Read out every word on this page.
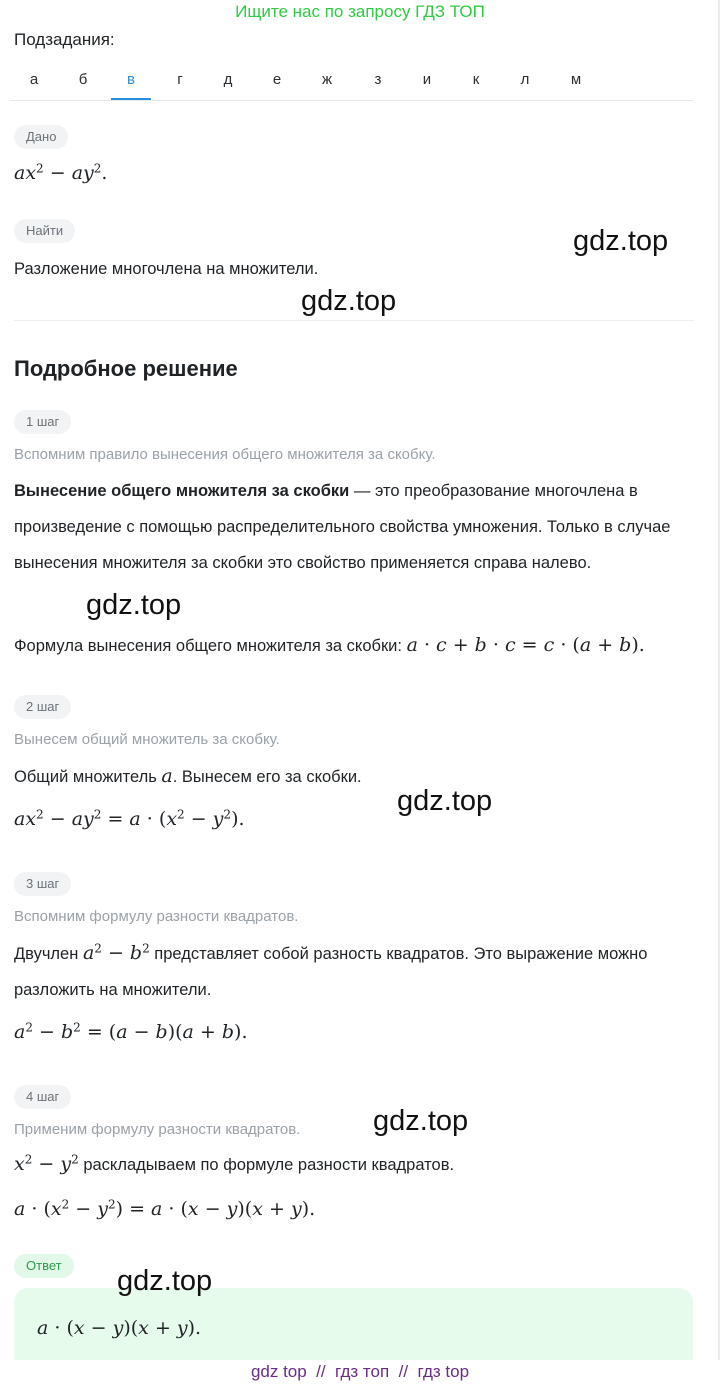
Ищите нас по запросу ГДЗ ТОП
Подзадания:
а	б	в	г	д	е	ж	з	и	к	л	м
Дано
$ax^2 - ay^2$.
Найти
Разложение многочлена на множители.
Подробное решение
1 шаг
Вспомним правило вынесения общего множителя за скобку.
Вынесение общего множителя за скобки — это преобразование многочлена в произведение с помощью распределительного свойства умножения. Только в случае вынесения множителя за скобки это свойство применяется справа налево.
Формула вынесения общего множителя за скобки: a · c + b · c = c · (a + b).
2 шаг
Вынесем общий множитель за скобку.
Общий множитель a. Вынесем его за скобки.
$ax^2 - ay^2 = a \cdot (x^2 - y^2)$.
3 шаг
Вспомним формулу разности квадратов.
Двучлен $a^2 - b^2$ представляет собой разность квадратов. Это выражение можно разложить на множители.
$a^2 - b^2 = (a - b)(a + b)$.
4 шаг
Применим формулу разности квадратов.
$x^2 - y^2$ раскладываем по формуле разности квадратов.
$a \cdot (x^2 - y^2) = a \cdot (x - y)(x + y)$.
Ответ
a · (x − y)(x + y).
gdz.top
gdz.top
gdz.top
gdz.top
gdz.top
gdz.top
gdz top  //  гдз топ  //  гдз top
